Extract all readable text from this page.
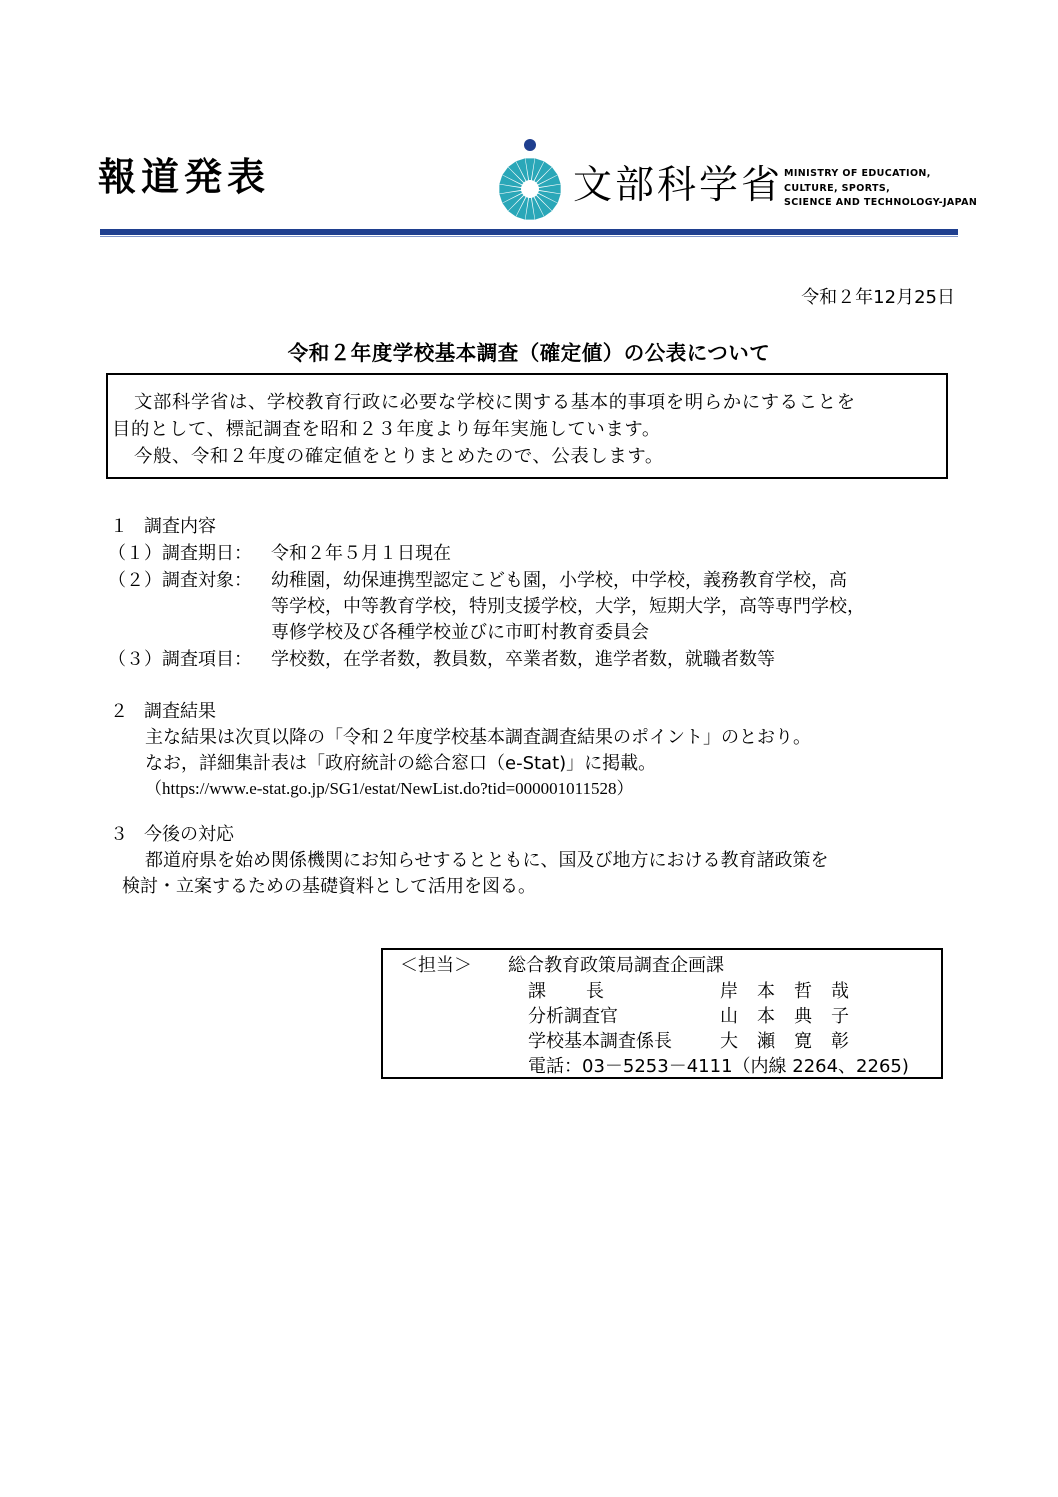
報道発表	文部科学省 MINISTRY OF EDUCATION,
CULTURE, SPORTS,
SCIENCE AND TECHNOLOGY-JAPAN
令和２年12月25日
令和２年度学校基本調査（確定値）の公表について
文部科学省は、学校教育行政に必要な学校に関する基本的事項を明らかにすることを
目的として、標記調査を昭和２３年度より毎年実施しています。
今般、令和２年度の確定値をとりまとめたので、公表します。
１ 調査内容
（１）調査期日： 令和２年５月１日現在
（２）調査対象： 幼稚園，幼保連携型認定こども園，小学校，中学校，義務教育学校，高
等学校，中等教育学校，特別支援学校，大学，短期大学，高等専門学校，
専修学校及び各種学校並びに市町村教育委員会
（３）調査項目： 学校数，在学者数，教員数，卒業者数，進学者数，就職者数等
２ 調査結果
主な結果は次頁以降の「令和２年度学校基本調査調査結果のポイント」のとおり。
なお，詳細集計表は「政府統計の総合窓口（e-Stat)」に掲載。
（https://www.e-stat.go.jp/SG1/estat/NewList.do?tid=000001011528）
３ 今後の対応
都道府県を始め関係機関にお知らせするとともに、国及び地方における教育諸政策を
検討・立案するための基礎資料として活用を図る。
＜担当＞ 総合教育政策局調査企画課
課長	岸本哲哉
分析調査官	山本典子
学校基本調査係長	大瀬寛彰
電話：03－5253－4111（内線 2264、2265)
